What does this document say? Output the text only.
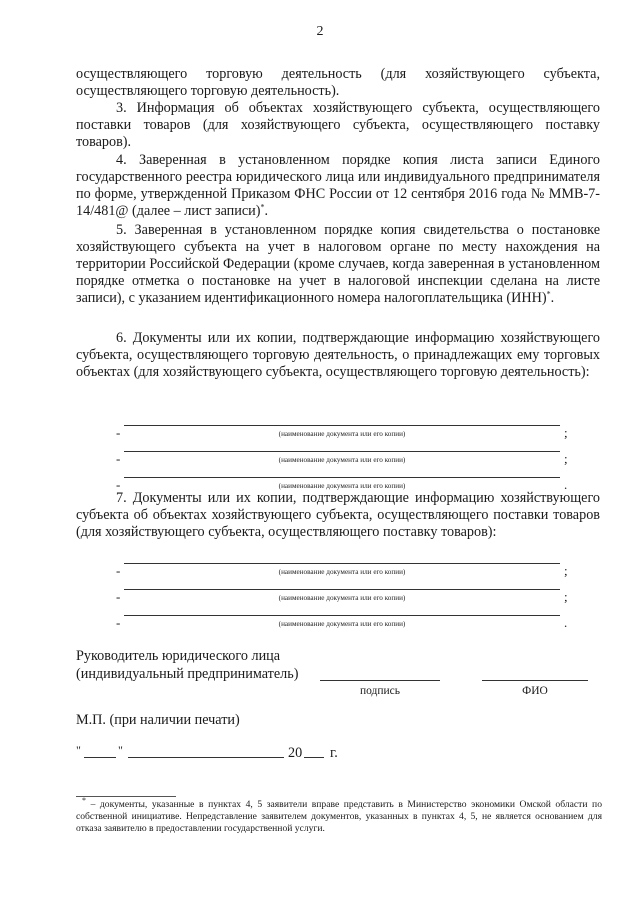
2

осуществляющего торговую деятельность (для хозяйствующего субъекта, осуществляющего торговую деятельность).

3. Информация об объектах хозяйствующего субъекта, осуществляющего поставки товаров (для хозяйствующего субъекта, осуществляющего поставку товаров).

4. Заверенная в установленном порядке копия листа записи Единого государственного реестра юридического лица или индивидуального предпринимателя по форме, утвержденной Приказом ФНС России от 12 сентября 2016 года № ММВ-7-14/481@ (далее – лист записи)*.

5. Заверенная в установленном порядке копия свидетельства о постановке хозяйствующего субъекта на учет в налоговом органе по месту нахождения на территории Российской Федерации (кроме случаев, когда заверенная в установленном порядке отметка о постановке на учет в налоговой инспекции сделана на листе записи), с указанием идентификационного номера налогоплательщика (ИНН)*.

6. Документы или их копии, подтверждающие информацию хозяйствующего субъекта, осуществляющего торговую деятельность, о принадлежащих ему торговых объектах (для хозяйствующего субъекта, осуществляющего торговую деятельность):

-	;
(наименование документа или его копии)
-	;
(наименование документа или его копии)
-	.
(наименование документа или его копии)

7. Документы или их копии, подтверждающие информацию хозяйствующего субъекта об объектах хозяйствующего субъекта, осуществляющего поставки товаров (для хозяйствующего субъекта, осуществляющего поставку товаров):

-	;
(наименование документа или его копии)
-	;
(наименование документа или его копии)
-	.
(наименование документа или его копии)
Руководитель юридического лица
(индивидуальный предприниматель)
подпись	ФИО
М.П. (при наличии печати)
"	"	20 г.

* – документы, указанные в пунктах 4, 5 заявители вправе представить в Министерство экономики Омской области по собственной инициативе. Непредставление заявителем документов, указанных в пунктах 4, 5, не является основанием для отказа заявителю в предоставлении государственной услуги.
